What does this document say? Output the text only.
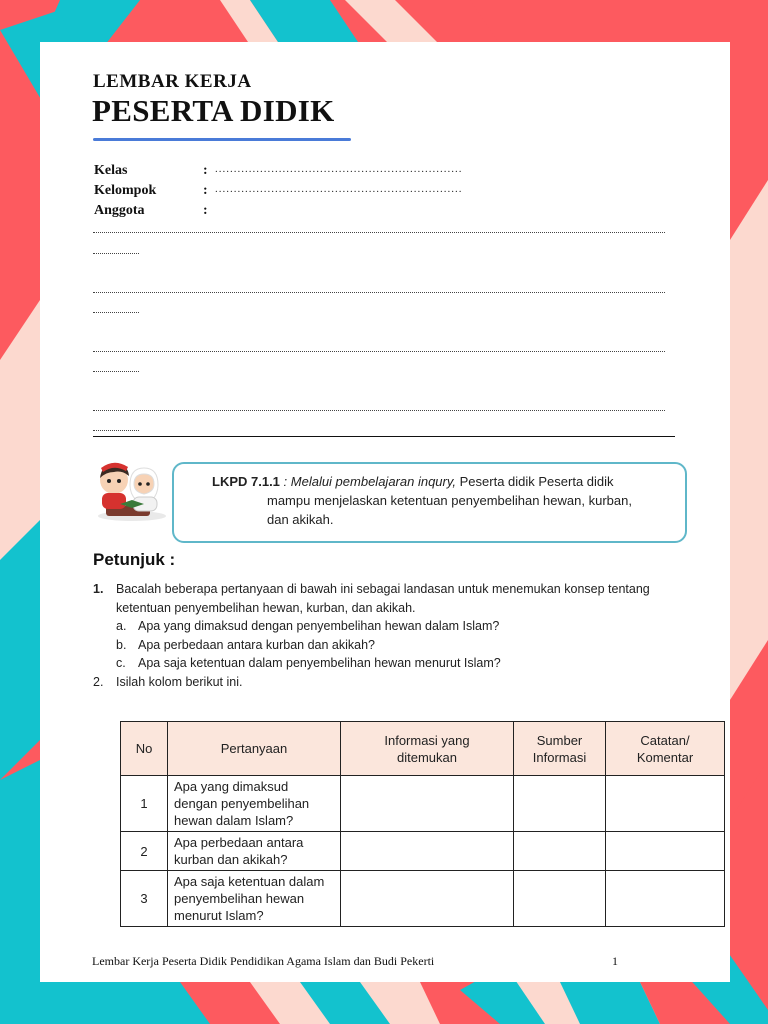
LEMBAR KERJA
PESERTA DIDIK
Kelas	: ..................................................................
Kelompok	: ..................................................................
Anggota	:
LKPD 7.1.1 : Melalui pembelajaran inqury, Peserta didik Peserta didik
mampu menjelaskan ketentuan penyembelihan hewan, kurban,
dan akikah.
Petunjuk :
1.	Bacalah beberapa pertanyaan di bawah ini sebagai landasan untuk menemukan konsep tentang
ketentuan penyembelihan hewan, kurban, dan akikah.
a. Apa yang dimaksud dengan penyembelihan hewan dalam Islam?
b. Apa perbedaan antara kurban dan akikah?
c. Apa saja ketentuan dalam penyembelihan hewan menurut Islam?
2.	Isilah kolom berikut ini.
No	Pertanyaan	Informasi yang ditemukan	Sumber Informasi	Catatan/ Komentar
1	Apa yang dimaksud dengan penyembelihan hewan dalam Islam?			
2	Apa perbedaan antara kurban dan akikah?			
3	Apa saja ketentuan dalam penyembelihan hewan menurut Islam?			
Lembar Kerja Peserta Didik Pendidikan Agama Islam dan Budi Pekerti	1
